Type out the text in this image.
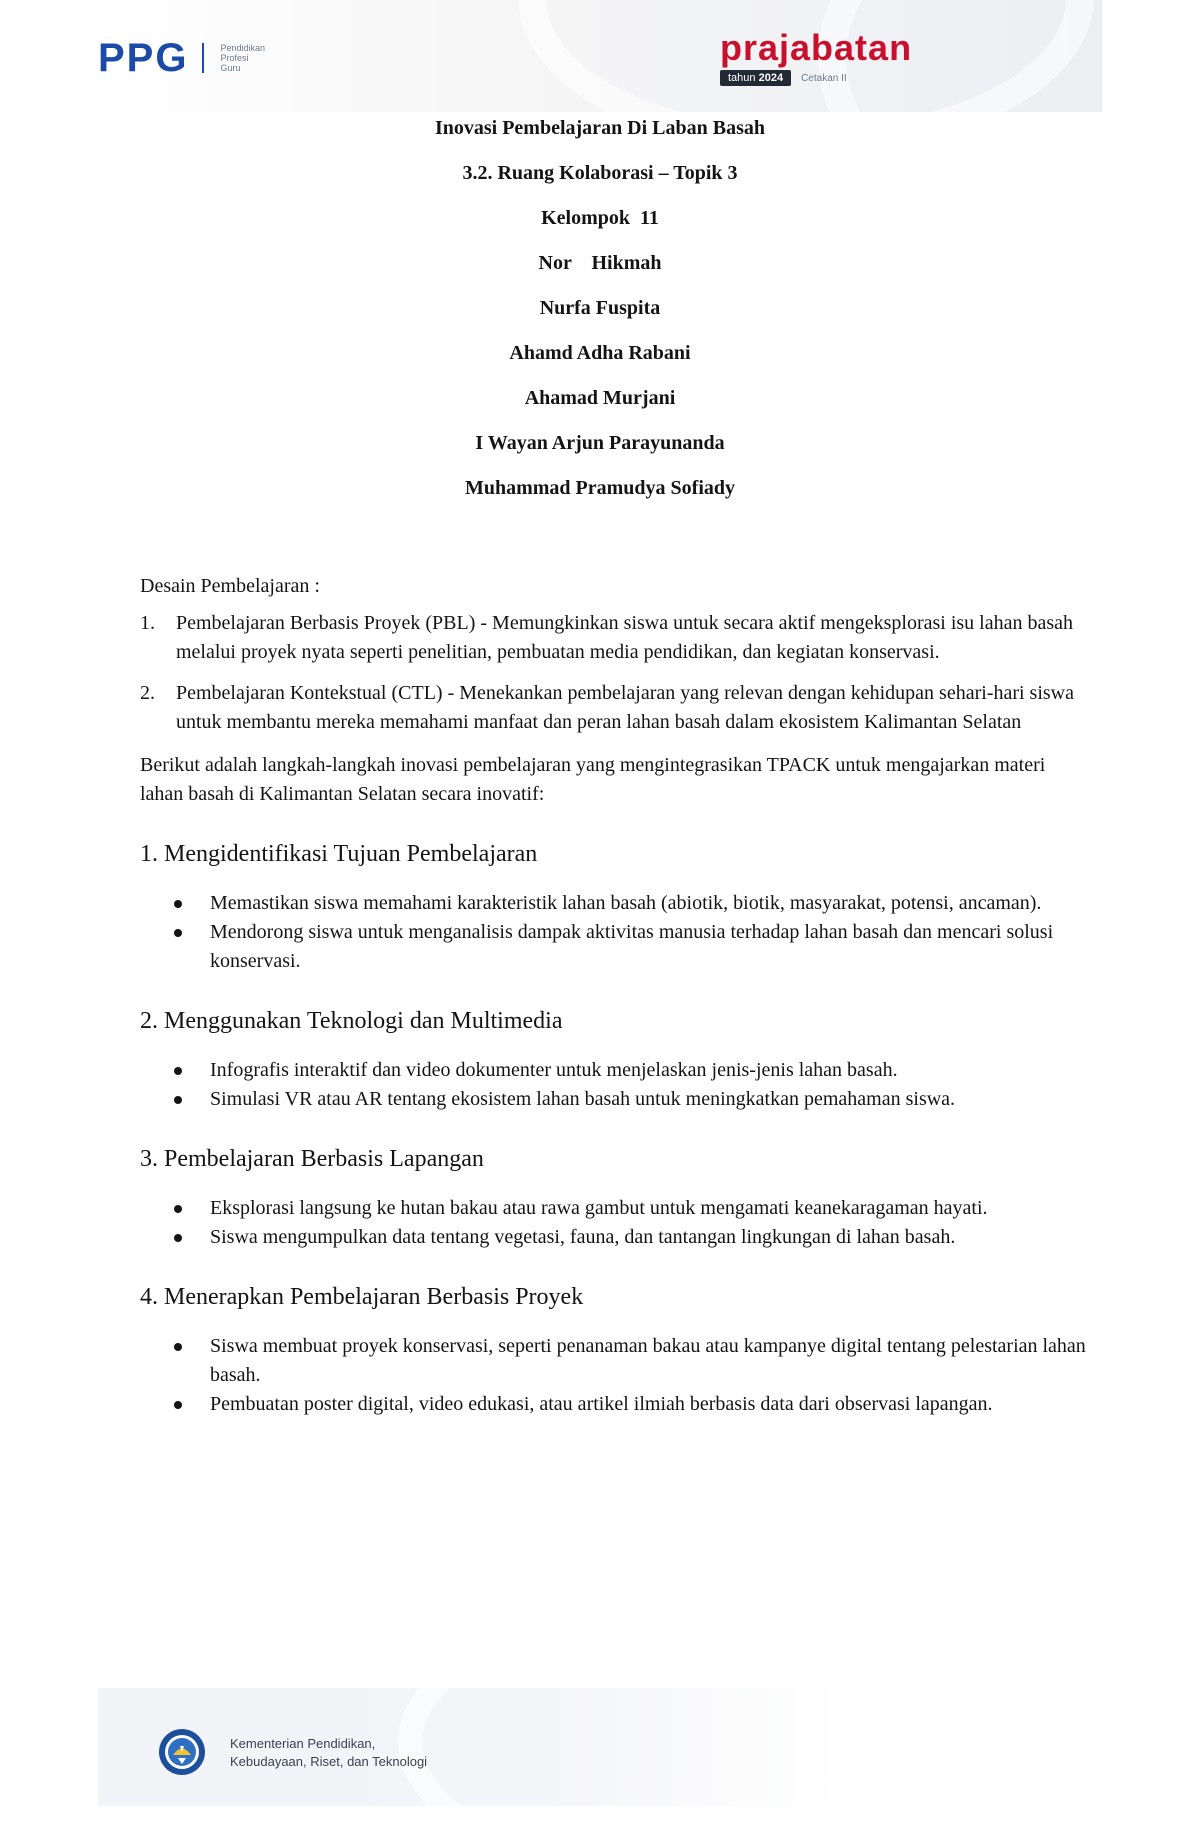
PPG	Pendidikan
Profesi
Guru	prajabatan
tahun 2024	Cetakan II
Inovasi Pembelajaran Di Laban Basah
3.2. Ruang Kolaborasi – Topik 3
Kelompok  11
Nor    Hikmah
Nurfa Fuspita
Ahamd Adha Rabani
Ahamad Murjani
I Wayan Arjun Parayunanda
Muhammad Pramudya Sofiady

Desain Pembelajaran :

1.	Pembelajaran Berbasis Proyek (PBL) - Memungkinkan siswa untuk secara aktif mengeksplorasi isu lahan basah melalui proyek nyata seperti penelitian, pembuatan media pendidikan, dan kegiatan konservasi.
2.	Pembelajaran Kontekstual (CTL) - Menekankan pembelajaran yang relevan dengan kehidupan sehari-hari siswa untuk membantu mereka memahami manfaat dan peran lahan basah dalam ekosistem Kalimantan Selatan

Berikut adalah langkah-langkah inovasi pembelajaran yang mengintegrasikan TPACK untuk mengajarkan materi lahan basah di Kalimantan Selatan secara inovatif:

1. Mengidentifikasi Tujuan Pembelajaran

Memastikan siswa memahami karakteristik lahan basah (abiotik, biotik, masyarakat, potensi, ancaman).
Mendorong siswa untuk menganalisis dampak aktivitas manusia terhadap lahan basah dan mencari solusi konservasi.

2. Menggunakan Teknologi dan Multimedia

Infografis interaktif dan video dokumenter untuk menjelaskan jenis-jenis lahan basah.
Simulasi VR atau AR tentang ekosistem lahan basah untuk meningkatkan pemahaman siswa.

3. Pembelajaran Berbasis Lapangan

Eksplorasi langsung ke hutan bakau atau rawa gambut untuk mengamati keanekaragaman hayati.
Siswa mengumpulkan data tentang vegetasi, fauna, dan tantangan lingkungan di lahan basah.

4. Menerapkan Pembelajaran Berbasis Proyek

Siswa membuat proyek konservasi, seperti penanaman bakau atau kampanye digital tentang pelestarian lahan basah.
Pembuatan poster digital, video edukasi, atau artikel ilmiah berbasis data dari observasi lapangan.
Kementerian Pendidikan,
Kebudayaan, Riset, dan Teknologi
